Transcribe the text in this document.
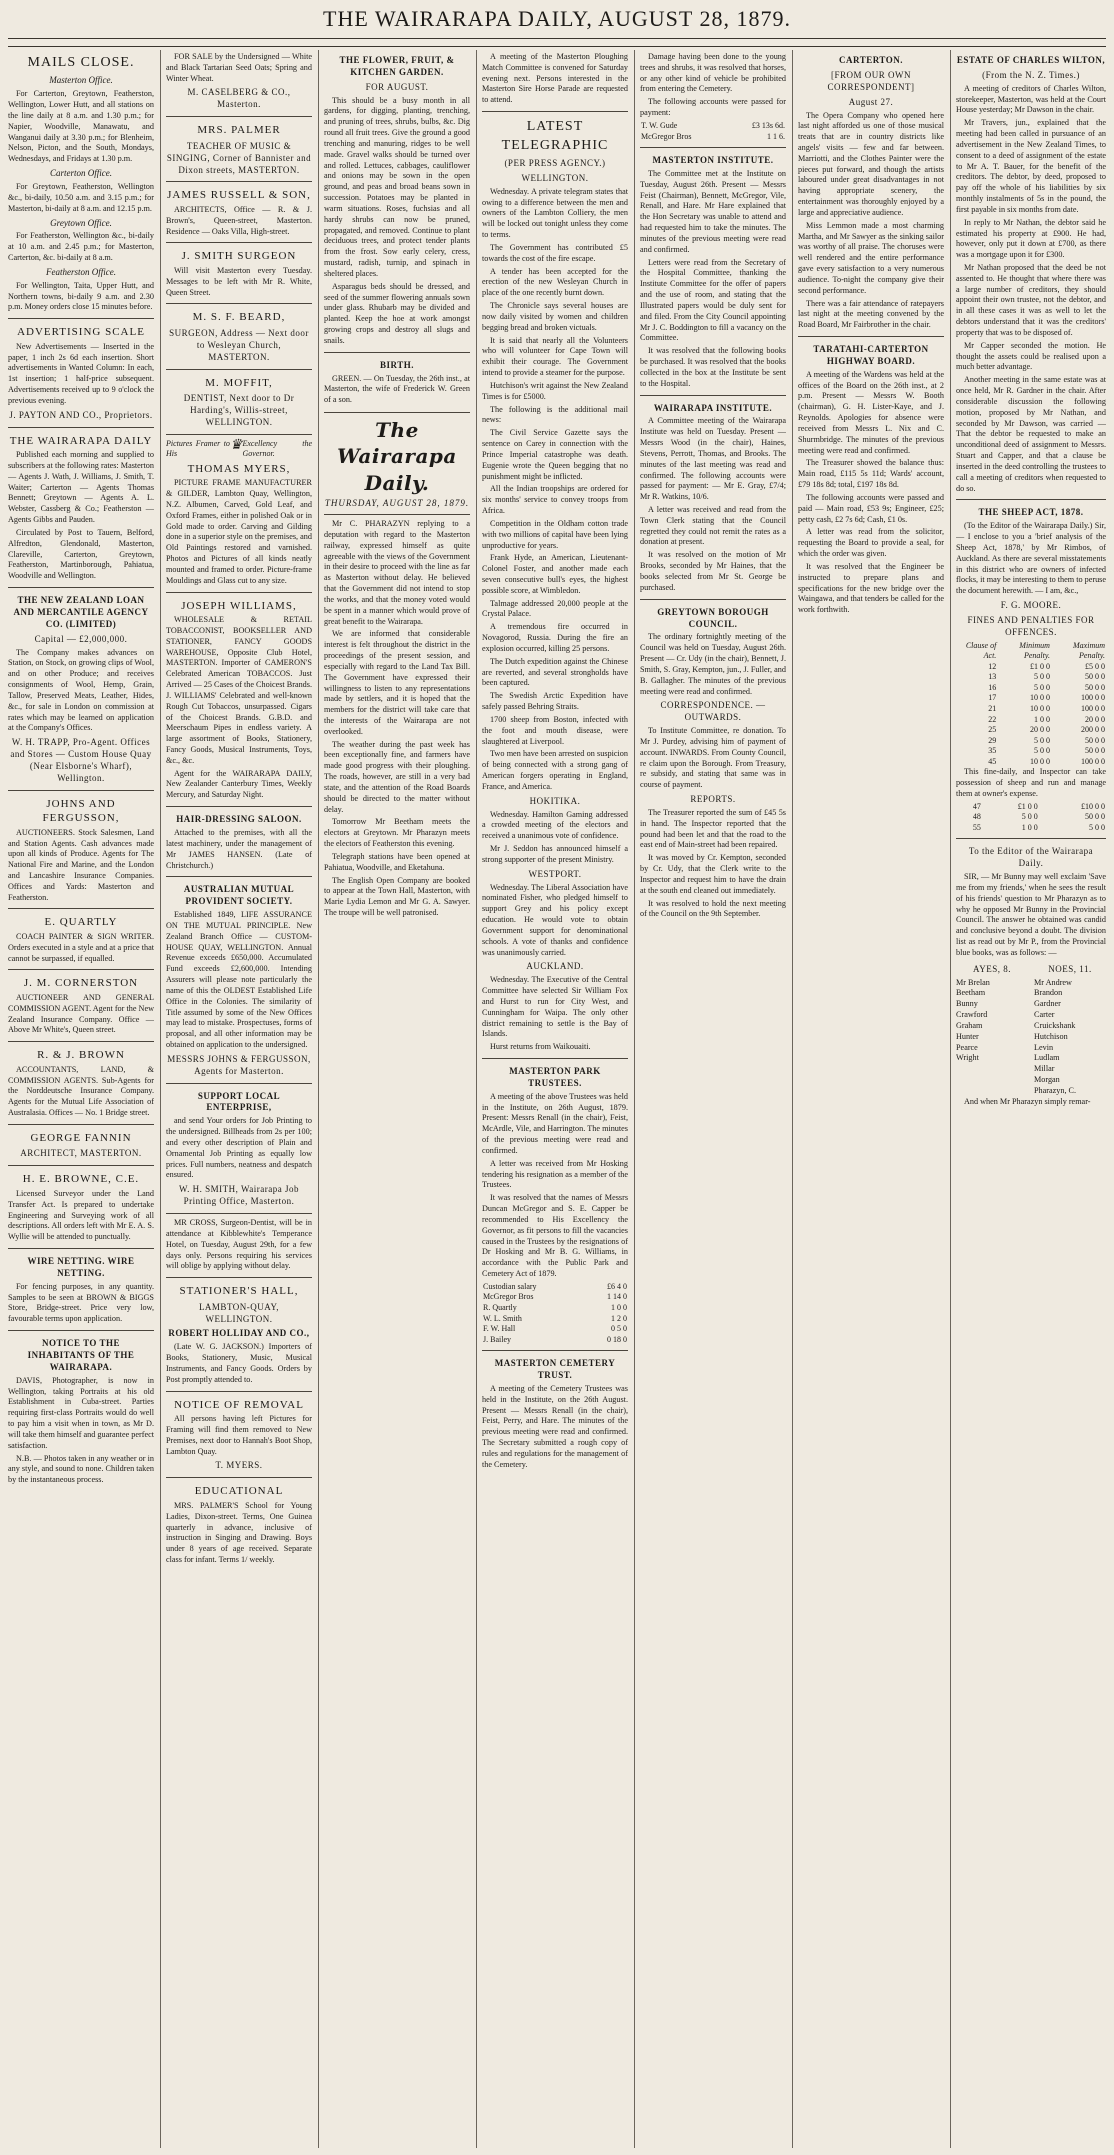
THE WAIRARAPA DAILY, AUGUST 28, 1879.
MAILS CLOSE.
Masterton Office.
For Carterton, Greytown, Featherston, Wellington, Lower Hutt, and all stations on the line daily at 8 a.m. and 1.30 p.m.; for Napier, Woodville, Manawatu, and Wanganui daily at 3.30 p.m.; for Blenheim, Nelson, Picton, and the South, Mondays, Wednesdays, and Fridays at 1.30 p.m.
Carterton Office.
For Greytown, Featherston, Wellington &c., bi-daily, 10.50 a.m. and 3.15 p.m.; for Masterton, bi-daily at 8 a.m. and 12.15 p.m.
Greytown Office.
For Featherston, Wellington &c., bi-daily at 10 a.m. and 2.45 p.m.; for Masterton, Carterton, &c. bi-daily at 8 a.m.
Featherston Office.
For Wellington, Taita, Upper Hutt, and Northern towns, bi-daily 9 a.m. and 2.30 p.m. Money orders close 15 minutes before.
ADVERTISING SCALE
New Advertisements — Inserted in the paper, 1 inch 2s 6d each insertion. Short advertisements in Wanted Column: In each, 1st insertion; 1 half-price subsequent. Advertisements received up to 9 o'clock the previous evening.
J. PAYTON AND CO., Proprietors.
THE WAIRARAPA DAILY
Published each morning and supplied to subscribers at the following rates: Masterton — Agents J. Wath, J. Williams, J. Smith, T. Waiter; Carterton — Agents Thomas Bennett; Greytown — Agents A. L. Webster, Cassberg & Co.; Featherston — Agents Gibbs and Pauden.
Circulated by Post to Tauern, Belford, Alfredton, Glendonald, Masterton, Clareville, Carterton, Greytown, Featherston, Martinborough, Pahiatua, Woodville and Wellington.
THE NEW ZEALAND LOAN AND MERCANTILE AGENCY CO. (LIMITED)
Capital — £2,000,000.
The Company makes advances on Station, on Stock, on growing clips of Wool, and on other Produce; and receives consignments of Wool, Hemp, Grain, Tallow, Preserved Meats, Leather, Hides, &c., for sale in London on commission at rates which may be learned on application at the Company's Offices.
W. H. TRAPP, Pro-Agent. Offices and Stores — Custom House Quay (Near Elsborne's Wharf), Wellington.
JOHNS AND FERGUSSON,
AUCTIONEERS. Stock Salesmen, Land and Station Agents. Cash advances made upon all kinds of Produce. Agents for The National Fire and Marine, and the London and Lancashire Insurance Companies. Offices and Yards: Masterton and Featherston.
E. QUARTLY
COACH PAINTER & SIGN WRITER. Orders executed in a style and at a price that cannot be surpassed, if equalled.
J. M. CORNERSTON
AUCTIONEER AND GENERAL COMMISSION AGENT. Agent for the New Zealand Insurance Company. Office — Above Mr White's, Queen street.
R. & J. BROWN
ACCOUNTANTS, LAND, & COMMISSION AGENTS. Sub-Agents for the Norddeutsche Insurance Company. Agents for the Mutual Life Association of Australasia. Offices — No. 1 Bridge street.
GEORGE FANNIN
ARCHITECT, MASTERTON.
H. E. BROWNE, C.E.
Licensed Surveyor under the Land Transfer Act. Is prepared to undertake Engineering and Surveying work of all descriptions. All orders left with Mr E. A. S. Wyllie will be attended to punctually.
WIRE NETTING. WIRE NETTING.
For fencing purposes, in any quantity. Samples to be seen at BROWN & BIGGS Store, Bridge-street. Price very low, favourable terms upon application.
NOTICE TO THE INHABITANTS OF THE WAIRARAPA.
DAVIS, Photographer, is now in Wellington, taking Portraits at his old Establishment in Cuba-street. Parties requiring first-class Portraits would do well to pay him a visit when in town, as Mr D. will take them himself and guarantee perfect satisfaction.
N.B. — Photos taken in any weather or in any style, and sound to none. Children taken by the instantaneous process.
FOR SALE by the Undersigned — White and Black Tartarian Seed Oats; Spring and Winter Wheat.
M. CASELBERG & CO., Masterton.
MRS. PALMER
TEACHER OF MUSIC & SINGING, Corner of Bannister and Dixon streets, MASTERTON.
JAMES RUSSELL & SON,
ARCHITECTS, Office — R. & J. Brown's, Queen-street, Masterton. Residence — Oaks Villa, High-street.
J. SMITH SURGEON
Will visit Masterton every Tuesday. Messages to be left with Mr R. White, Queen Street.
M. S. F. BEARD,
SURGEON, Address — Next door to Wesleyan Church, MASTERTON.
M. MOFFIT,
DENTIST, Next door to Dr Harding's, Willis-street, WELLINGTON.
Pictures Framer to His
♛ Excellency the Governor.
THOMAS MYERS,
PICTURE FRAME MANUFACTURER & GILDER, Lambton Quay, Wellington, N.Z. Albumen, Carved, Gold Leaf, and Oxford Frames, either in polished Oak or in Gold made to order. Carving and Gilding done in a superior style on the premises, and Old Paintings restored and varnished. Photos and Pictures of all kinds neatly mounted and framed to order. Picture-frame Mouldings and Glass cut to any size.
JOSEPH WILLIAMS,
WHOLESALE & RETAIL TOBACCONIST, BOOKSELLER AND STATIONER, FANCY GOODS WAREHOUSE, Opposite Club Hotel, MASTERTON. Importer of CAMERON'S Celebrated American TOBACCOS. Just Arrived — 25 Cases of the Choicest Brands. J. WILLIAMS' Celebrated and well-known Rough Cut Tobaccos, unsurpassed. Cigars of the Choicest Brands. G.B.D. and Meerschaum Pipes in endless variety. A large assortment of Books, Stationery, Fancy Goods, Musical Instruments, Toys, &c., &c.
Agent for the WAIRARAPA DAILY, New Zealander Canterbury Times, Weekly Mercury, and Saturday Night.
HAIR-DRESSING SALOON.
Attached to the premises, with all the latest machinery, under the management of Mr JAMES HANSEN. (Late of Christchurch.)
AUSTRALIAN MUTUAL PROVIDENT SOCIETY.
Established 1849, LIFE ASSURANCE ON THE MUTUAL PRINCIPLE. New Zealand Branch Office — CUSTOM-HOUSE QUAY, WELLINGTON. Annual Revenue exceeds £650,000. Accumulated Fund exceeds £2,600,000. Intending Assurers will please note particularly the name of this the OLDEST Established Life Office in the Colonies. The similarity of Title assumed by some of the New Offices may lead to mistake. Prospectuses, forms of proposal, and all other information may be obtained on application to the undersigned.
MESSRS JOHNS & FERGUSSON, Agents for Masterton.
SUPPORT LOCAL ENTERPRISE,
and send Your orders for Job Printing to the undersigned. Billheads from 2s per 100; and every other description of Plain and Ornamental Job Printing as equally low prices. Full numbers, neatness and despatch ensured.
W. H. SMITH, Wairarapa Job Printing Office, Masterton.
MR CROSS, Surgeon-Dentist, will be in attendance at Kibblewhite's Temperance Hotel, on Tuesday, August 29th, for a few days only. Persons requiring his services will oblige by applying without delay.
STATIONER'S HALL,
LAMBTON-QUAY, WELLINGTON.
ROBERT HOLLIDAY AND CO.,
(Late W. G. JACKSON.) Importers of Books, Stationery, Music, Musical Instruments, and Fancy Goods. Orders by Post promptly attended to.
NOTICE OF REMOVAL
All persons having left Pictures for Framing will find them removed to New Premises, next door to Hannah's Boot Shop, Lambton Quay.
T. MYERS.
EDUCATIONAL
MRS. PALMER'S School for Young Ladies, Dixon-street. Terms, One Guinea quarterly in advance, inclusive of instruction in Singing and Drawing. Boys under 8 years of age received. Separate class for infant. Terms 1/ weekly.
THE FLOWER, FRUIT, & KITCHEN GARDEN.
FOR AUGUST.
This should be a busy month in all gardens, for digging, planting, trenching, and pruning of trees, shrubs, bulbs, &c. Dig round all fruit trees. Give the ground a good trenching and manuring, ridges to be well made. Gravel walks should be turned over and rolled. Lettuces, cabbages, cauliflower and onions may be sown in the open ground, and peas and broad beans sown in succession. Potatoes may be planted in warm situations. Roses, fuchsias and all hardy shrubs can now be pruned, propagated, and removed. Continue to plant deciduous trees, and protect tender plants from the frost. Sow early celery, cress, mustard, radish, turnip, and spinach in sheltered places.
Asparagus beds should be dressed, and seed of the summer flowering annuals sown under glass. Rhubarb may be divided and planted. Keep the hoe at work amongst growing crops and destroy all slugs and snails.
BIRTH.
GREEN. — On Tuesday, the 26th inst., at Masterton, the wife of Frederick W. Green of a son.
The Wairarapa Daily.
THURSDAY, AUGUST 28, 1879.
Mr C. PHARAZYN replying to a deputation with regard to the Masterton railway, expressed himself as quite agreeable with the views of the Government in their desire to proceed with the line as far as Masterton without delay. He believed that the Government did not intend to stop the works, and that the money voted would be spent in a manner which would prove of great benefit to the Wairarapa.
We are informed that considerable interest is felt throughout the district in the proceedings of the present session, and especially with regard to the Land Tax Bill. The Government have expressed their willingness to listen to any representations made by settlers, and it is hoped that the members for the district will take care that the interests of the Wairarapa are not overlooked.
The weather during the past week has been exceptionally fine, and farmers have made good progress with their ploughing. The roads, however, are still in a very bad state, and the attention of the Road Boards should be directed to the matter without delay.
Tomorrow Mr Beetham meets the electors at Greytown. Mr Pharazyn meets the electors of Featherston this evening.
Telegraph stations have been opened at Pahiatua, Woodville, and Eketahuna.
The English Open Company are booked to appear at the Town Hall, Masterton, with Marie Lydia Lemon and Mr G. A. Sawyer. The troupe will be well patronised.
A meeting of the Masterton Ploughing Match Committee is convened for Saturday evening next. Persons interested in the Masterton Sire Horse Parade are requested to attend.
LATEST TELEGRAPHIC
(PER PRESS AGENCY.)
WELLINGTON.
Wednesday. A private telegram states that owing to a difference between the men and owners of the Lambton Colliery, the men will be locked out tonight unless they come to terms.
The Government has contributed £5 towards the cost of the fire escape.
A tender has been accepted for the erection of the new Wesleyan Church in place of the one recently burnt down.
The Chronicle says several houses are now daily visited by women and children begging bread and broken victuals.
It is said that nearly all the Volunteers who will volunteer for Cape Town will exhibit their courage. The Government intend to provide a steamer for the purpose.
Hutchison's writ against the New Zealand Times is for £5000.
The following is the additional mail news:
The Civil Service Gazette says the sentence on Carey in connection with the Prince Imperial catastrophe was death. Eugenie wrote the Queen begging that no punishment might be inflicted.
All the Indian troopships are ordered for six months' service to convey troops from Africa.
Competition in the Oldham cotton trade with two millions of capital have been lying unproductive for years.
Frank Hyde, an American, Lieutenant-Colonel Foster, and another made each seven consecutive bull's eyes, the highest possible score, at Wimbledon.
Talmage addressed 20,000 people at the Crystal Palace.
A tremendous fire occurred in Novagorod, Russia. During the fire an explosion occurred, killing 25 persons.
The Dutch expedition against the Chinese are reverted, and several strongholds have been captured.
The Swedish Arctic Expedition have safely passed Behring Straits.
1700 sheep from Boston, infected with the foot and mouth disease, were slaughtered at Liverpool.
Two men have been arrested on suspicion of being connected with a strong gang of American forgers operating in England, France, and America.
HOKITIKA.
Wednesday. Hamilton Gaming addressed a crowded meeting of the electors and received a unanimous vote of confidence.
Mr J. Seddon has announced himself a strong supporter of the present Ministry.
WESTPORT.
Wednesday. The Liberal Association have nominated Fisher, who pledged himself to support Grey and his policy except education. He would vote to obtain Government support for denominational schools. A vote of thanks and confidence was unanimously carried.
AUCKLAND.
Wednesday. The Executive of the Central Committee have selected Sir William Fox and Hurst to run for City West, and Cunningham for Waipa. The only other district remaining to settle is the Bay of Islands.
Hurst returns from Waikouaiti.
MASTERTON PARK TRUSTEES.
A meeting of the above Trustees was held in the Institute, on 26th August, 1879. Present: Messrs Renall (in the chair), Feist, McArdle, Vile, and Harrington. The minutes of the previous meeting were read and confirmed.
A letter was received from Mr Hosking tendering his resignation as a member of the Trustees.
It was resolved that the names of Messrs Duncan McGregor and S. E. Capper be recommended to His Excellency the Governor, as fit persons to fill the vacancies caused in the Trustees by the resignations of Dr Hosking and Mr B. G. Williams, in accordance with the Public Park and Cemetery Act of 1879.
Custodian salary	£6 4 0
McGregor Bros	1 14 0
R. Quartly	1 0 0
W. L. Smith	1 2 0
F. W. Hall	0 5 0
J. Bailey	0 18 0
MASTERTON CEMETERY TRUST.
A meeting of the Cemetery Trustees was held in the Institute, on the 26th August. Present — Messrs Renall (in the chair), Feist, Perry, and Hare. The minutes of the previous meeting were read and confirmed. The Secretary submitted a rough copy of rules and regulations for the management of the Cemetery.
Damage having been done to the young trees and shrubs, it was resolved that horses, or any other kind of vehicle be prohibited from entering the Cemetery.
The following accounts were passed for payment:
T. W. Gude	£3 13s 6d.
McGregor Bros	1 1 6.
MASTERTON INSTITUTE.
The Committee met at the Institute on Tuesday, August 26th. Present — Messrs Feist (Chairman), Bennett, McGregor, Vile, Renall, and Hare. Mr Hare explained that the Hon Secretary was unable to attend and had requested him to take the minutes. The minutes of the previous meeting were read and confirmed.
Letters were read from the Secretary of the Hospital Committee, thanking the Institute Committee for the offer of papers and the use of room, and stating that the Illustrated papers would be duly sent for and filed. From the City Council appointing Mr J. C. Boddington to fill a vacancy on the Committee.
It was resolved that the following books be purchased. It was resolved that the books collected in the box at the Institute be sent to the Hospital.
WAIRARAPA INSTITUTE.
A Committee meeting of the Wairarapa Institute was held on Tuesday. Present — Messrs Wood (in the chair), Haines, Stevens, Perrott, Thomas, and Brooks. The minutes of the last meeting was read and confirmed. The following accounts were passed for payment: — Mr E. Gray, £7/4; Mr R. Watkins, 10/6.
A letter was received and read from the Town Clerk stating that the Council regretted they could not remit the rates as a donation at present.
It was resolved on the motion of Mr Brooks, seconded by Mr Haines, that the books selected from Mr St. George be purchased.
GREYTOWN BOROUGH COUNCIL.
The ordinary fortnightly meeting of the Council was held on Tuesday, August 26th. Present — Cr. Udy (in the chair), Bennett, J. Smith, S. Gray, Kempton, jun., J. Fuller, and B. Gallagher. The minutes of the previous meeting were read and confirmed.
CORRESPONDENCE. — OUTWARDS.
To Institute Committee, re donation. To Mr J. Purdey, advising him of payment of account. INWARDS. From County Council, re claim upon the Borough. From Treasury, re subsidy, and stating that same was in course of payment.
REPORTS.
The Treasurer reported the sum of £45 5s in hand. The Inspector reported that the pound had been let and that the road to the east end of Main-street had been repaired.
It was moved by Cr. Kempton, seconded by Cr. Udy, that the Clerk write to the Inspector and request him to have the drain at the south end cleaned out immediately.
It was resolved to hold the next meeting of the Council on the 9th September.
CARTERTON.
[FROM OUR OWN CORRESPONDENT]
August 27.
The Opera Company who opened here last night afforded us one of those musical treats that are in country districts like angels' visits — few and far between. Marriotti, and the Clothes Painter were the pieces put forward, and though the artists laboured under great disadvantages in not having appropriate scenery, the entertainment was thoroughly enjoyed by a large and appreciative audience.
Miss Lemmon made a most charming Martha, and Mr Sawyer as the sinking sailor was worthy of all praise. The choruses were well rendered and the entire performance gave every satisfaction to a very numerous audience. To-night the company give their second performance.
There was a fair attendance of ratepayers last night at the meeting convened by the Road Board, Mr Fairbrother in the chair.
TARATAHI-CARTERTON HIGHWAY BOARD.
A meeting of the Wardens was held at the offices of the Board on the 26th inst., at 2 p.m. Present — Messrs W. Booth (chairman), G. H. Lister-Kaye, and J. Reynolds. Apologies for absence were received from Messrs L. Nix and C. Shurmbridge. The minutes of the previous meeting were read and confirmed.
The Treasurer showed the balance thus: Main road, £115 5s 11d; Wards' account, £79 18s 8d; total, £197 18s 8d.
The following accounts were passed and paid — Main road, £53 9s; Engineer, £25; petty cash, £2 7s 6d; Cash, £1 0s.
A letter was read from the solicitor, requesting the Board to provide a seal, for which the order was given.
It was resolved that the Engineer be instructed to prepare plans and specifications for the new bridge over the Waingawa, and that tenders be called for the work forthwith.
ESTATE OF CHARLES WILTON,
(From the N. Z. Times.)
A meeting of creditors of Charles Wilton, storekeeper, Masterton, was held at the Court House yesterday; Mr Dawson in the chair.
Mr Travers, jun., explained that the meeting had been called in pursuance of an advertisement in the New Zealand Times, to consent to a deed of assignment of the estate to Mr A. T. Bauer, for the benefit of the creditors. The debtor, by deed, proposed to pay off the whole of his liabilities by six monthly instalments of 5s in the pound, the first payable in six months from date.
In reply to Mr Nathan, the debtor said he estimated his property at £900. He had, however, only put it down at £700, as there was a mortgage upon it for £300.
Mr Nathan proposed that the deed be not assented to. He thought that where there was a large number of creditors, they should appoint their own trustee, not the debtor, and in all these cases it was as well to let the debtors understand that it was the creditors' property that was to be disposed of.
Mr Capper seconded the motion. He thought the assets could be realised upon a much better advantage.
Another meeting in the same estate was at once held, Mr R. Gardner in the chair. After considerable discussion the following motion, proposed by Mr Nathan, and seconded by Mr Dawson, was carried — That the debtor be requested to make an unconditional deed of assignment to Messrs. Stuart and Capper, and that a clause be inserted in the deed controlling the trustees to call a meeting of creditors when requested to do so.
THE SHEEP ACT, 1878.
(To the Editor of the Wairarapa Daily.) Sir, — I enclose to you a 'brief analysis of the Sheep Act, 1878,' by Mr Rimbos, of Auckland. As there are several misstatements in this district who are owners of infected flocks, it may be interesting to them to peruse the document herewith. — I am, &c.,
F. G. MOORE.
FINES AND PENALTIES FOR OFFENCES.
Clause of Act.	Minimum Penalty.	Maximum Penalty.
12	£1 0 0	£5 0 0
13	5 0 0	50 0 0
16	5 0 0	50 0 0
17	10 0 0	100 0 0
21	10 0 0	100 0 0
22	1 0 0	20 0 0
25	20 0 0	200 0 0
29	5 0 0	50 0 0
35	5 0 0	50 0 0
45	10 0 0	100 0 0
This fine-daily, and Inspector can take possession of sheep and run and manage them at owner's expense.
47	£1 0 0	£10 0 0
48	5 0 0	50 0 0
55	1 0 0	5 0 0
To the Editor of the Wairarapa Daily.
SIR, — Mr Bunny may well exclaim 'Save me from my friends,' when he sees the result of his friends' question to Mr Pharazyn as to why he opposed Mr Bunny in the Provincial Council. The answer he obtained was candid and conclusive beyond a doubt. The division list as read out by Mr P., from the Provincial blue books, was as follows: —
AYES, 8.
Mr Brelan
Beetham
Bunny
Crawford
Graham
Hunter
Pearce
Wright
NOES, 11.
Mr Andrew
Brandon
Gardner
Carter
Cruickshank
Hutchison
Levin
Ludlam
Millar
Morgan
Pharazyn, C.
And when Mr Pharazyn simply remar-
